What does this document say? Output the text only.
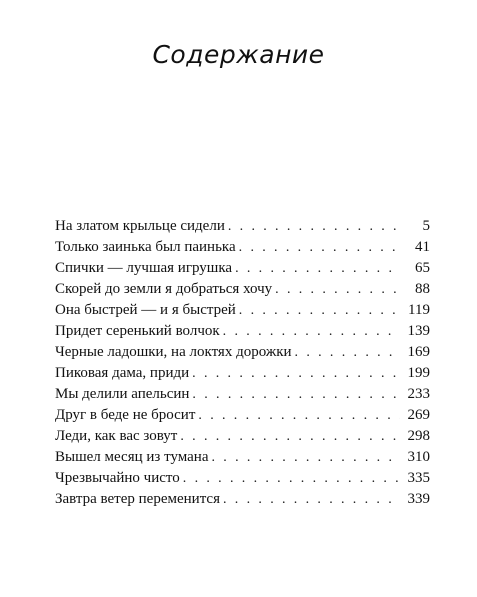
Содержание
На златом крыльце сидели . . .	5
Только заинька был паинька . . .	41
Спички — лучшая игрушка . . .	65
Скорей до земли я добраться хочу . . .	88
Она быстрей — и я быстрей . . .	119
Придет серенький волчок . . .	139
Черные ладошки, на локтях дорожки . . .	169
Пиковая дама, приди . . .	199
Мы делили апельсин . . .	233
Друг в беде не бросит . . .	269
Леди, как вас зовут . . .	298
Вышел месяц из тумана . . .	310
Чрезвычайно чисто . . .	335
Завтра ветер переменится . . .	339
